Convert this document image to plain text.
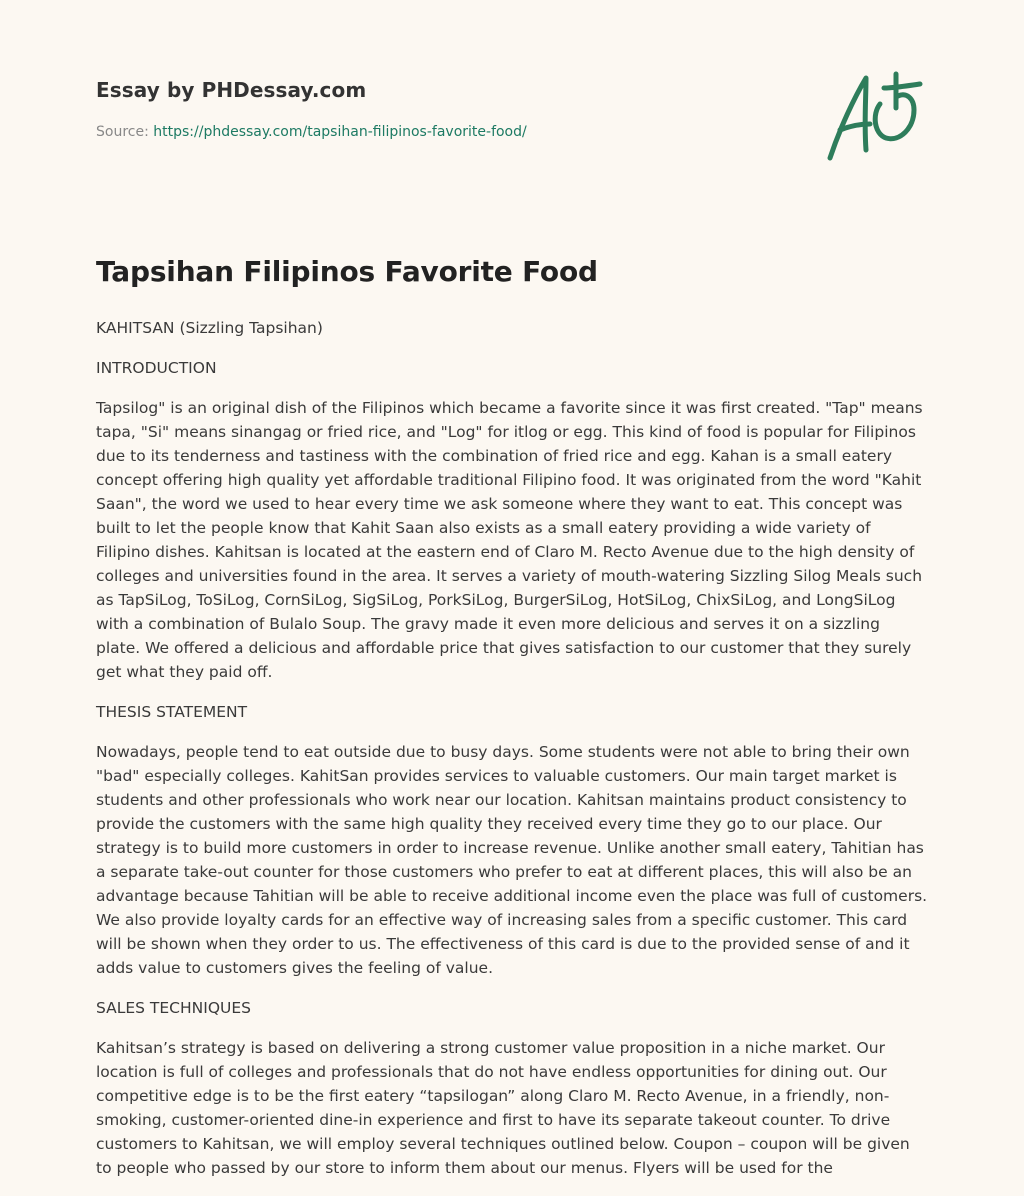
Essay by PHDessay.com
Source: https://phdessay.com/tapsihan-filipinos-favorite-food/
Tapsihan Filipinos Favorite Food

KAHITSAN (Sizzling Tapsihan)

INTRODUCTION

Tapsilog" is an original dish of the Filipinos which became a favorite since it was first created. "Tap" means tapa, "Si" means sinangag or fried rice, and "Log" for itlog or egg. This kind of food is popular for Filipinos due to its tenderness and tastiness with the combination of fried rice and egg. Kahan is a small eatery concept offering high quality yet affordable traditional Filipino food. It was originated from the word "Kahit Saan", the word we used to hear every time we ask someone where they want to eat. This concept was built to let the people know that Kahit Saan also exists as a small eatery providing a wide variety of Filipino dishes. Kahitsan is located at the eastern end of Claro M. Recto Avenue due to the high density of colleges and universities found in the area. It serves a variety of mouth-watering Sizzling Silog Meals such as TapSiLog, ToSiLog, CornSiLog, SigSiLog, PorkSiLog, BurgerSiLog, HotSiLog, ChixSiLog, and LongSiLog with a combination of Bulalo Soup. The gravy made it even more delicious and serves it on a sizzling plate. We offered a delicious and affordable price that gives satisfaction to our customer that they surely get what they paid off.

THESIS STATEMENT

Nowadays, people tend to eat outside due to busy days. Some students were not able to bring their own "bad" especially colleges. KahitSan provides services to valuable customers. Our main target market is students and other professionals who work near our location. Kahitsan maintains product consistency to provide the customers with the same high quality they received every time they go to our place. Our strategy is to build more customers in order to increase revenue. Unlike another small eatery, Tahitian has a separate take-out counter for those customers who prefer to eat at different places, this will also be an advantage because Tahitian will be able to receive additional income even the place was full of customers. We also provide loyalty cards for an effective way of increasing sales from a specific customer. This card will be shown when they order to us. The effectiveness of this card is due to the provided sense of and it adds value to customers gives the feeling of value.

SALES TECHNIQUES

Kahitsan’s strategy is based on delivering a strong customer value proposition in a niche market. Our location is full of colleges and professionals that do not have endless opportunities for dining out. Our competitive edge is to be the first eatery “tapsilogan” along Claro M. Recto Avenue, in a friendly, non-smoking, customer-oriented dine-in experience and first to have its separate takeout counter. To drive customers to Kahitsan, we will employ several techniques outlined below. Coupon – coupon will be given to people who passed by our store to inform them about our menus. Flyers will be used for the
